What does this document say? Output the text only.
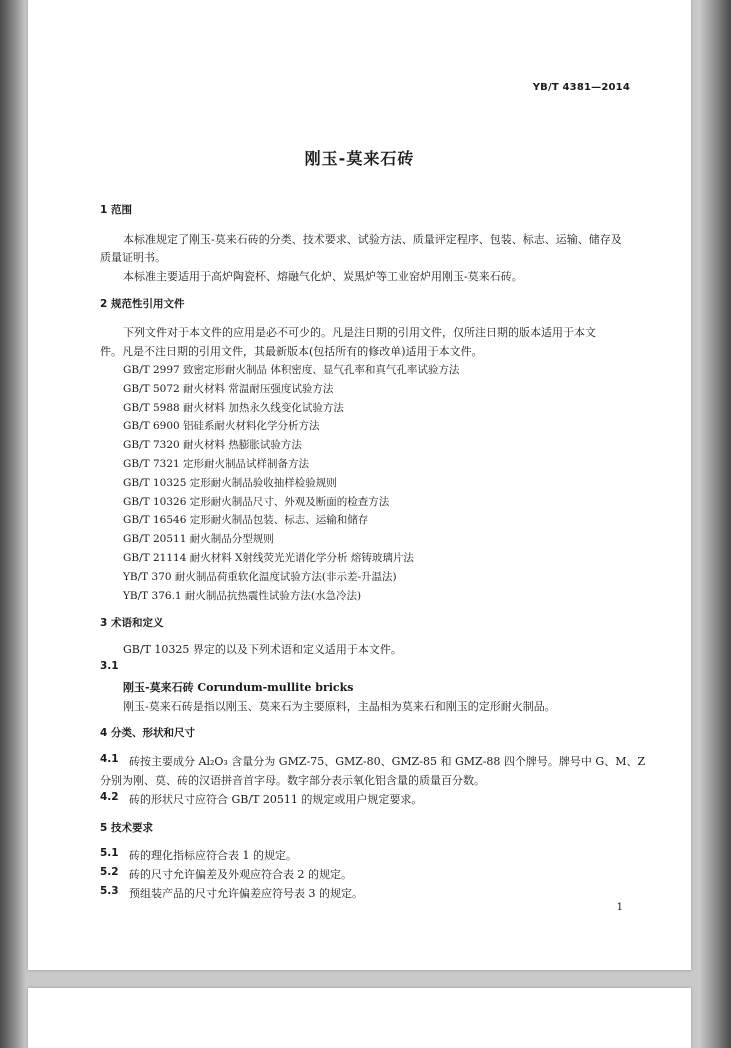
YB/T 4381—2014
刚玉-莫来石砖
1 范围
本标准规定了刚玉-莫来石砖的分类、技术要求、试验方法、质量评定程序、包装、标志、运输、储存及
质量证明书。
本标准主要适用于高炉陶瓷杯、熔融气化炉、炭黑炉等工业窑炉用刚玉-莫来石砖。
2 规范性引用文件
下列文件对于本文件的应用是必不可少的。凡是注日期的引用文件，仅所注日期的版本适用于本文
件。凡是不注日期的引用文件，其最新版本(包括所有的修改单)适用于本文件。
GB/T 2997 致密定形耐火制品 体积密度、显气孔率和真气孔率试验方法
GB/T 5072 耐火材料 常温耐压强度试验方法
GB/T 5988 耐火材料 加热永久线变化试验方法
GB/T 6900 铝硅系耐火材料化学分析方法
GB/T 7320 耐火材料 热膨胀试验方法
GB/T 7321 定形耐火制品试样制备方法
GB/T 10325 定形耐火制品验收抽样检验规则
GB/T 10326 定形耐火制品尺寸、外观及断面的检查方法
GB/T 16546 定形耐火制品包装、标志、运输和储存
GB/T 20511 耐火制品分型规则
GB/T 21114 耐火材料 X射线荧光光谱化学分析 熔铸玻璃片法
YB/T 370 耐火制品荷重软化温度试验方法(非示差-升温法)
YB/T 376.1 耐火制品抗热震性试验方法(水急冷法)
3 术语和定义
GB/T 10325 界定的以及下列术语和定义适用于本文件。
3.1
刚玉-莫来石砖 Corundum-mullite bricks
刚玉-莫来石砖是指以刚玉、莫来石为主要原料，主晶相为莫来石和刚玉的定形耐火制品。
4 分类、形状和尺寸
4.1 砖按主要成分 Al₂O₃ 含量分为 GMZ-75、GMZ-80、GMZ-85 和 GMZ-88 四个牌号。牌号中 G、M、Z
分别为刚、莫、砖的汉语拼音首字母。数字部分表示氧化铝含量的质量百分数。
4.2 砖的形状尺寸应符合 GB/T 20511 的规定或用户规定要求。
5 技术要求
5.1 砖的理化指标应符合表 1 的规定。
5.2 砖的尺寸允许偏差及外观应符合表 2 的规定。
5.3 预组装产品的尺寸允许偏差应符号表 3 的规定。
1
